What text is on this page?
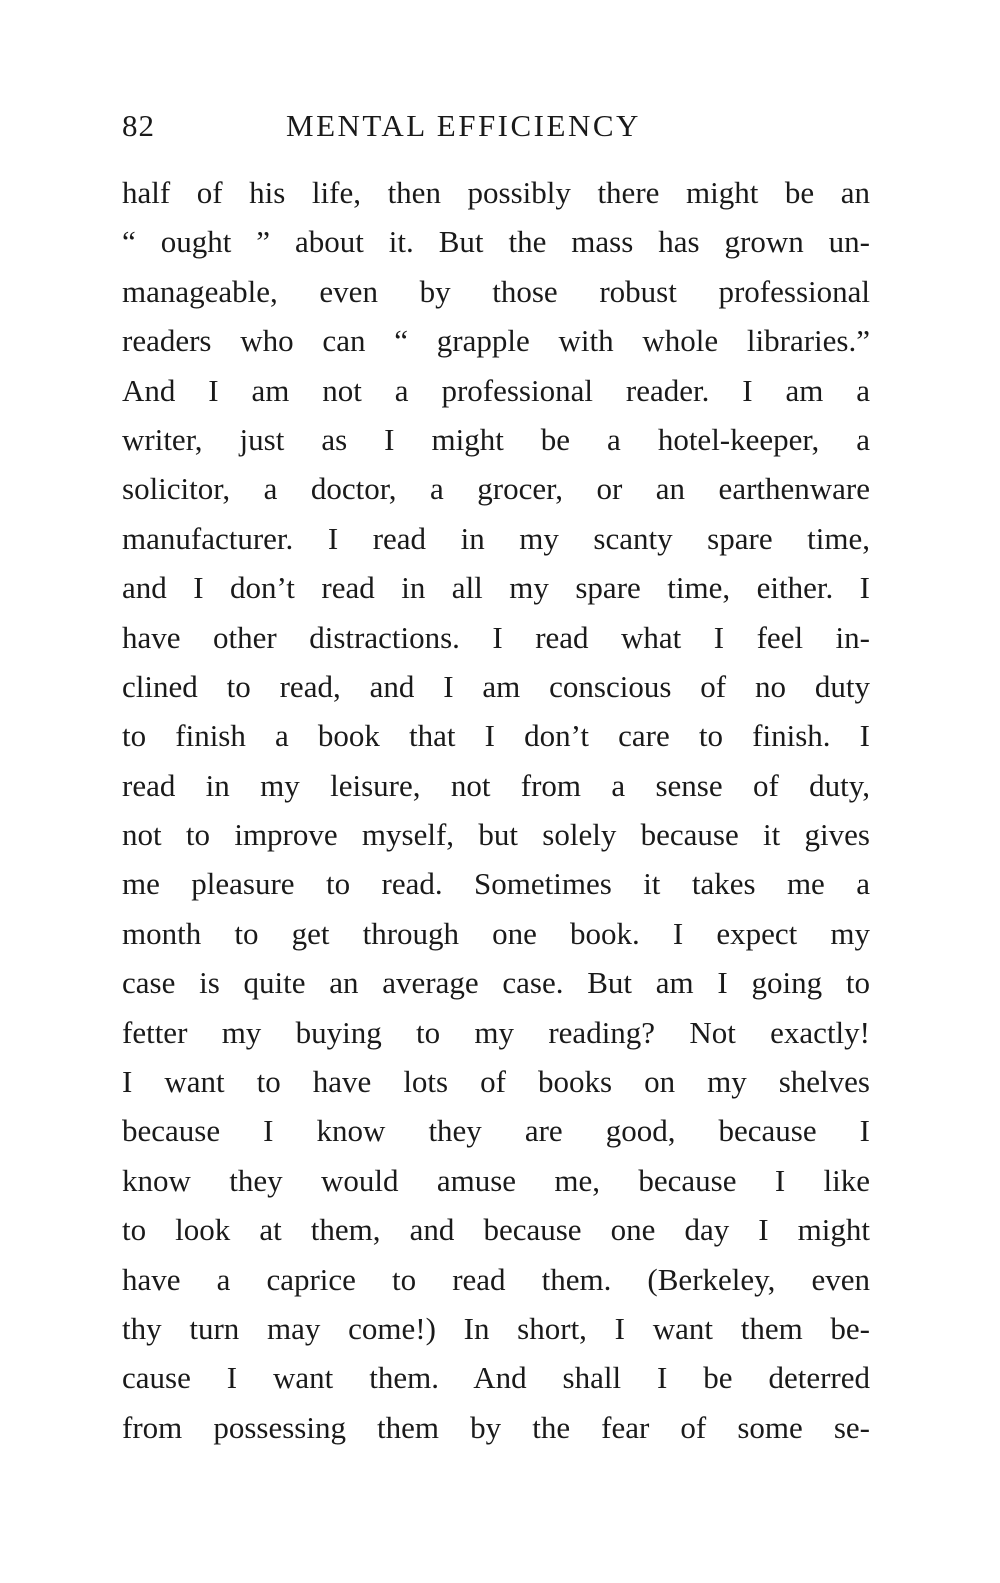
82	MENTAL EFFICIENCY
half of his life, then possibly there might be an
“ ought ” about it. But the mass has grown un-
manageable, even by those robust professional
readers who can “ grapple with whole libraries.”
And I am not a professional reader. I am a
writer, just as I might be a hotel-keeper, a
solicitor, a doctor, a grocer, or an earthenware
manufacturer. I read in my scanty spare time,
and I don’t read in all my spare time, either. I
have other distractions. I read what I feel in-
clined to read, and I am conscious of no duty
to finish a book that I don’t care to finish. I
read in my leisure, not from a sense of duty,
not to improve myself, but solely because it gives
me pleasure to read. Sometimes it takes me a
month to get through one book. I expect my
case is quite an average case. But am I going to
fetter my buying to my reading? Not exactly!
I want to have lots of books on my shelves
because I know they are good, because I
know they would amuse me, because I like
to look at them, and because one day I might
have a caprice to read them. (Berkeley, even
thy turn may come!) In short, I want them be-
cause I want them. And shall I be deterred
from possessing them by the fear of some se-
